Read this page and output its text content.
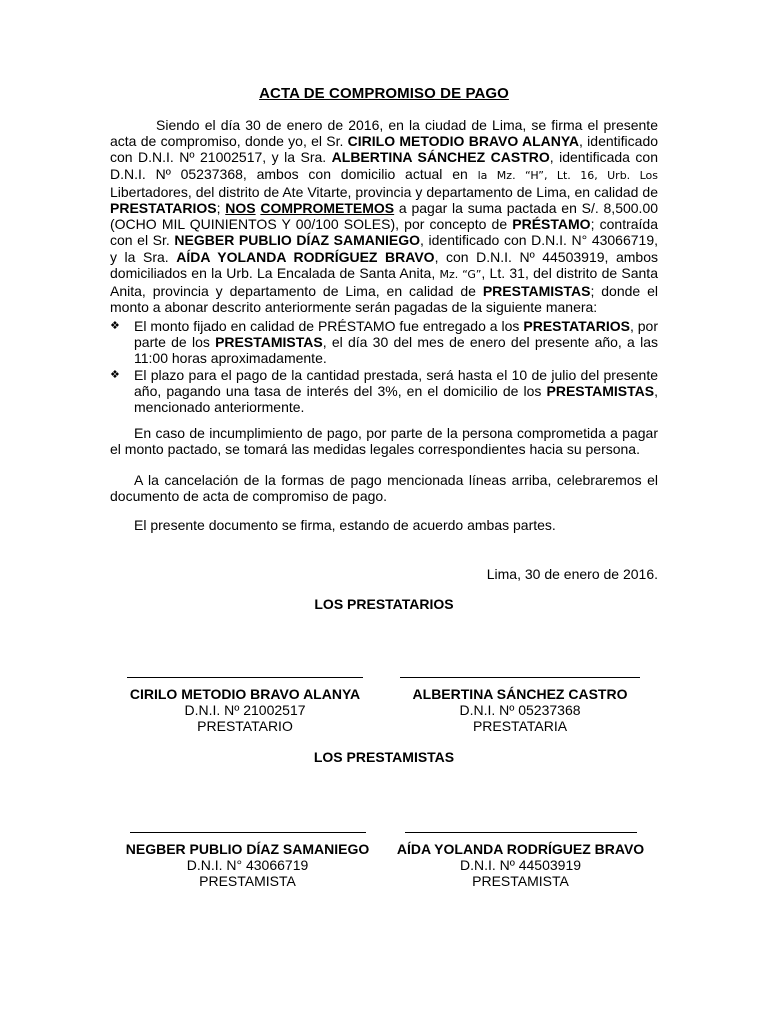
ACTA DE COMPROMISO DE PAGO
Siendo el día 30 de enero de 2016, en la ciudad de Lima, se firma el presente acta de compromiso, donde yo, el Sr. CIRILO METODIO BRAVO ALANYA, identificado con D.N.I. Nº 21002517, y la Sra. ALBERTINA SÁNCHEZ CASTRO, identificada con D.N.I. Nº 05237368, ambos con domicilio actual en la Mz. “H”, Lt. 16, Urb. Los Libertadores, del distrito de Ate Vitarte, provincia y departamento de Lima, en calidad de PRESTATARIOS; NOS COMPROMETEMOS a pagar la suma pactada en S/. 8,500.00 (OCHO MIL QUINIENTOS Y 00/100 SOLES), por concepto de PRÉSTAMO; contraída con el Sr. NEGBER PUBLIO DÍAZ SAMANIEGO, identificado con D.N.I. N° 43066719, y la Sra. AÍDA YOLANDA RODRÍGUEZ BRAVO, con D.N.I. Nº 44503919, ambos domiciliados en la Urb. La Encalada de Santa Anita, Mz. “G”, Lt. 31, del distrito de Santa Anita, provincia y departamento de Lima, en calidad de PRESTAMISTAS; donde el monto a abonar descrito anteriormente serán pagadas de la siguiente manera:
❖ El monto fijado en calidad de PRÉSTAMO fue entregado a los PRESTATARIOS, por parte de los PRESTAMISTAS, el día 30 del mes de enero del presente año, a las 11:00 horas aproximadamente.
❖ El plazo para el pago de la cantidad prestada, será hasta el 10 de julio del presente año, pagando una tasa de interés del 3%, en el domicilio de los PRESTAMISTAS, mencionado anteriormente.
En caso de incumplimiento de pago, por parte de la persona comprometida a pagar el monto pactado, se tomará las medidas legales correspondientes hacia su persona.
A la cancelación de la formas de pago mencionada líneas arriba, celebraremos el documento de acta de compromiso de pago.
El presente documento se firma, estando de acuerdo ambas partes.
Lima, 30 de enero de 2016.
LOS PRESTATARIOS
CIRILO METODIO BRAVO ALANYA
D.N.I. Nº 21002517
PRESTATARIO
ALBERTINA SÁNCHEZ CASTRO
D.N.I. Nº 05237368
PRESTATARIA
LOS PRESTAMISTAS
NEGBER PUBLIO DÍAZ SAMANIEGO
D.N.I. N° 43066719
PRESTAMISTA
AÍDA YOLANDA RODRÍGUEZ BRAVO
D.N.I. Nº 44503919
PRESTAMISTA
